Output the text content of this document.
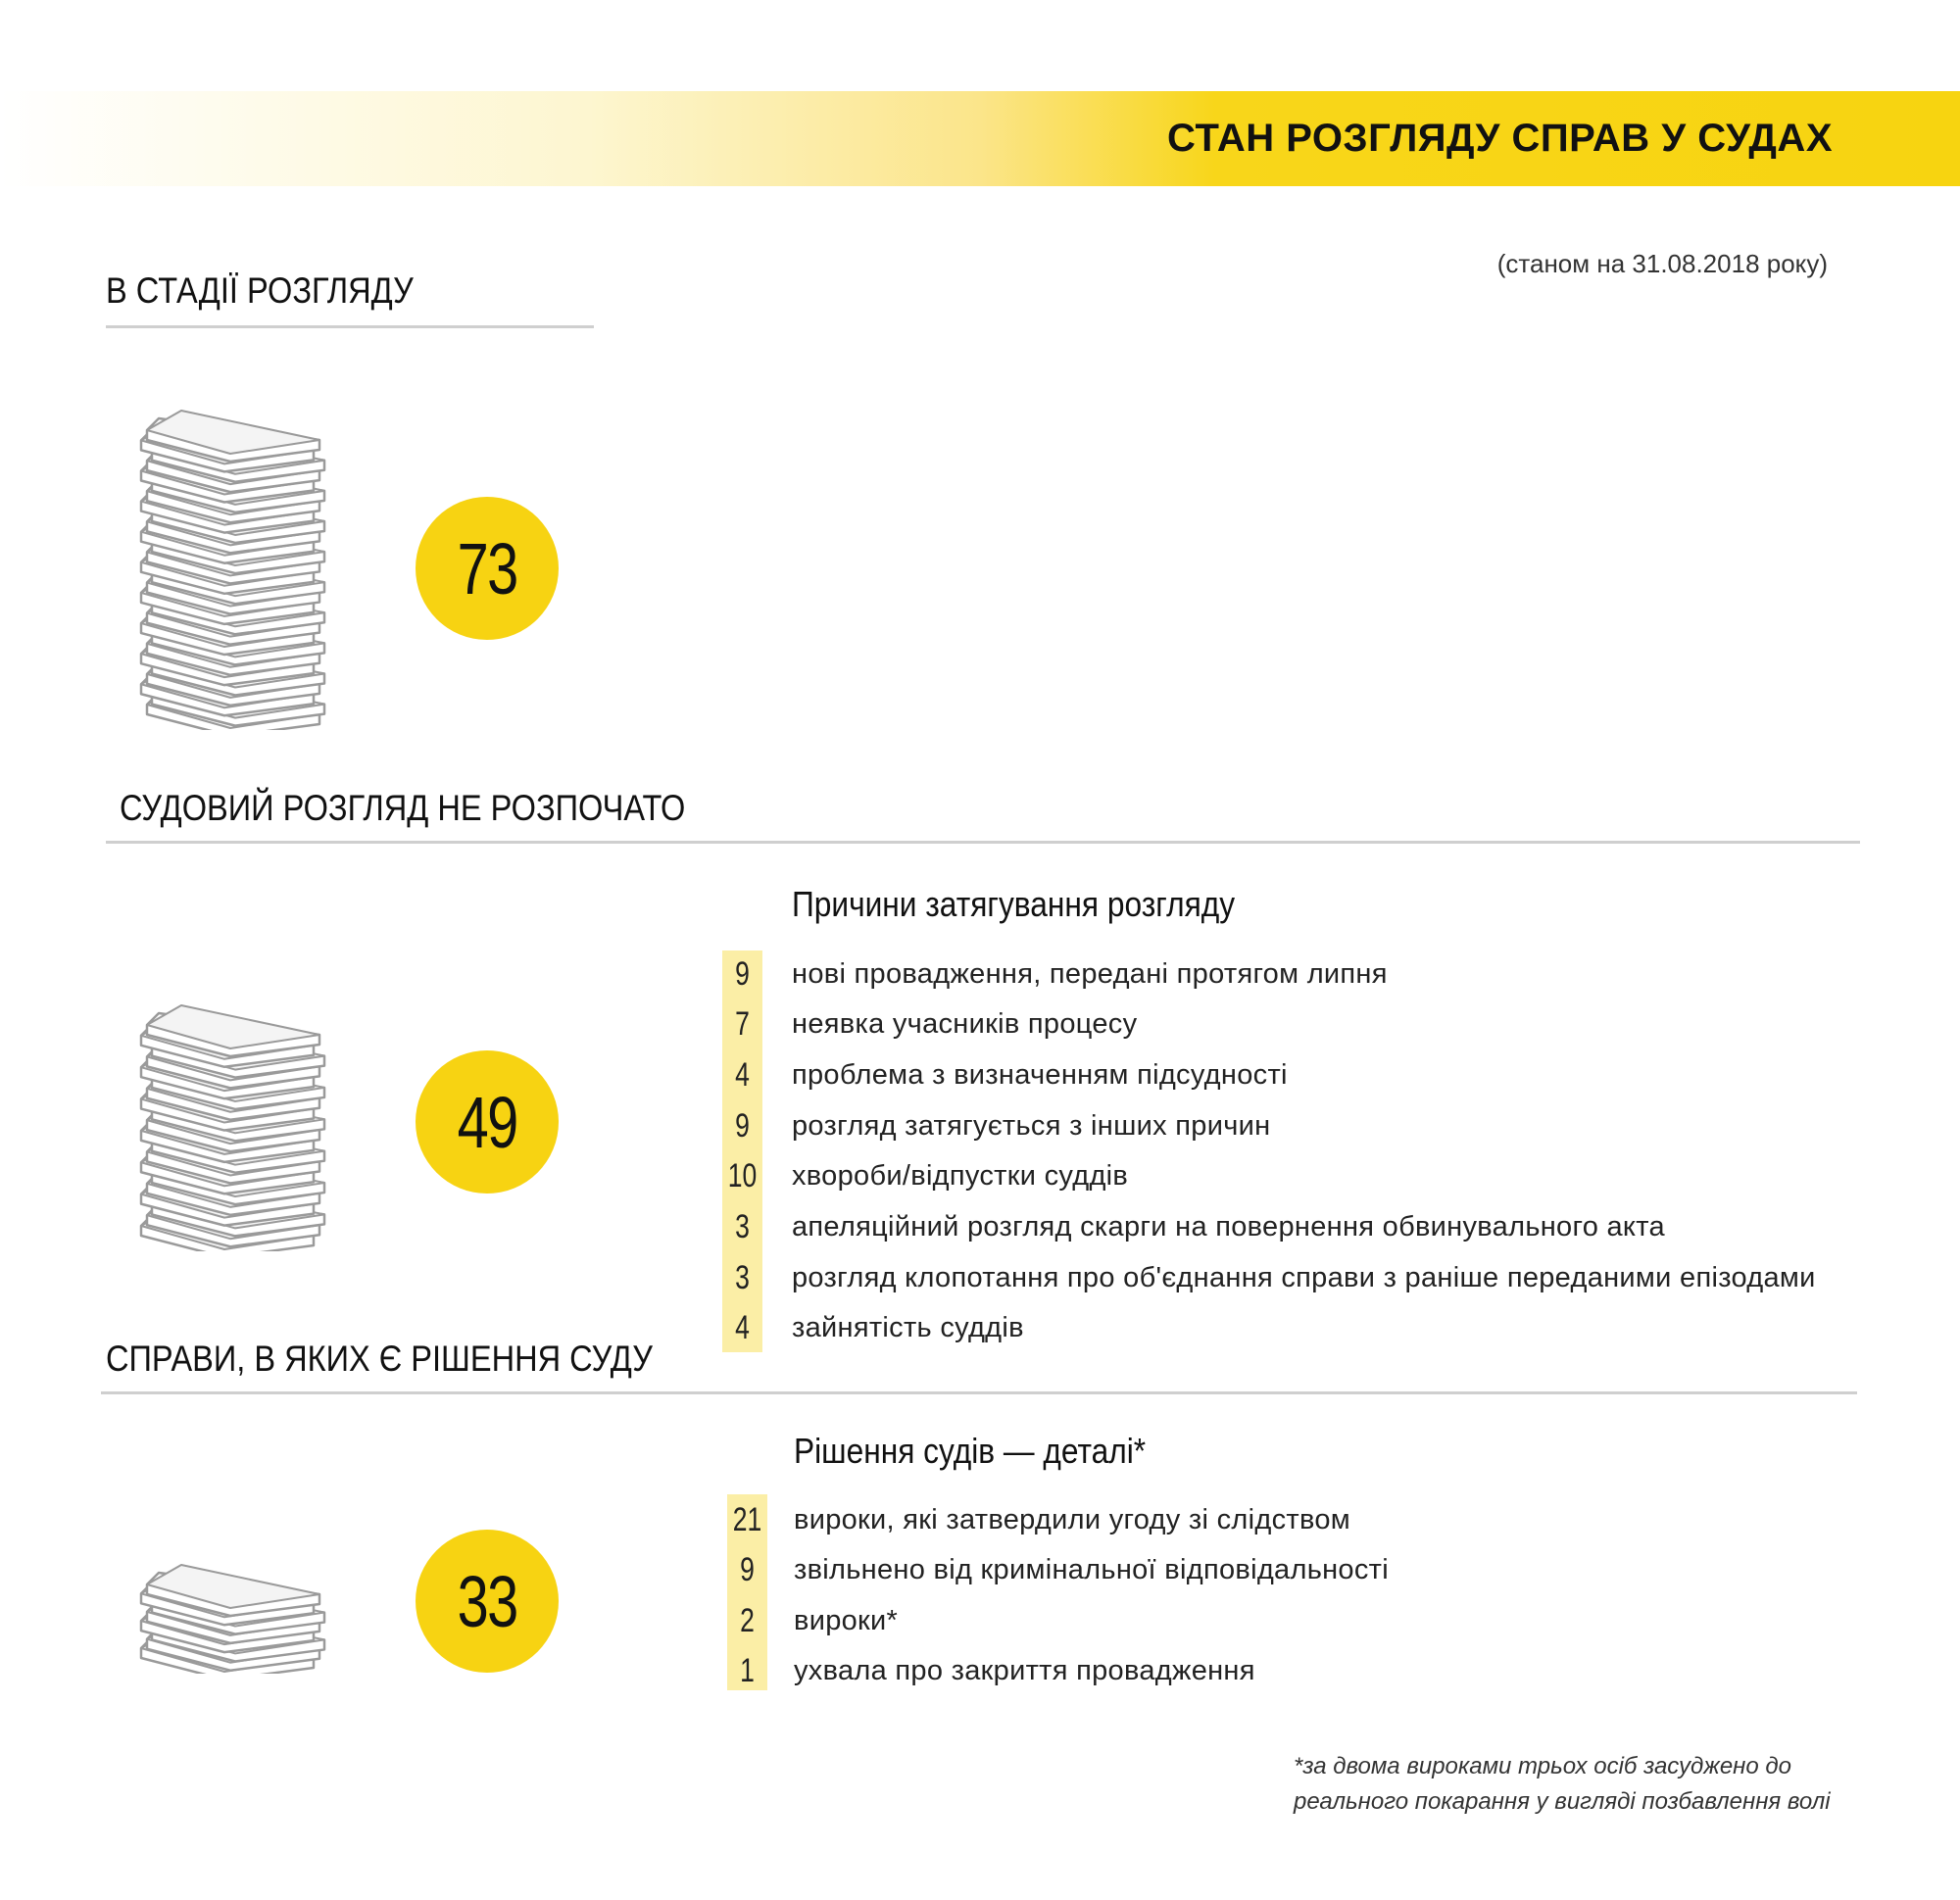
СТАН РОЗГЛЯДУ СПРАВ У СУДАХ
(станом на 31.08.2018 року)
В СТАДІЇ РОЗГЛЯДУ
73
СУДОВИЙ РОЗГЛЯД НЕ РОЗПОЧАТО
49
Причини затягування розгляду
9 нові провадження, передані протягом липня
7 неявка учасників процесу
4 проблема з визначенням підсудності
9 розгляд затягується з інших причин
10 хвороби/відпустки суддів
3 апеляційний розгляд скарги на повернення обвинувального акта
3 розгляд клопотання про об'єднання справи з раніше переданими епізодами
4 зайнятість суддів
СПРАВИ, В ЯКИХ Є РІШЕННЯ СУДУ
33
Рішення судів — деталі*
21 вироки, які затвердили угоду зі слідством
9 звільнено від кримінальної відповідальності
2 вироки*
1 ухвала про закриття провадження
*за двома вироками трьох осіб засуджено до реального покарання у вигляді позбавлення волі
